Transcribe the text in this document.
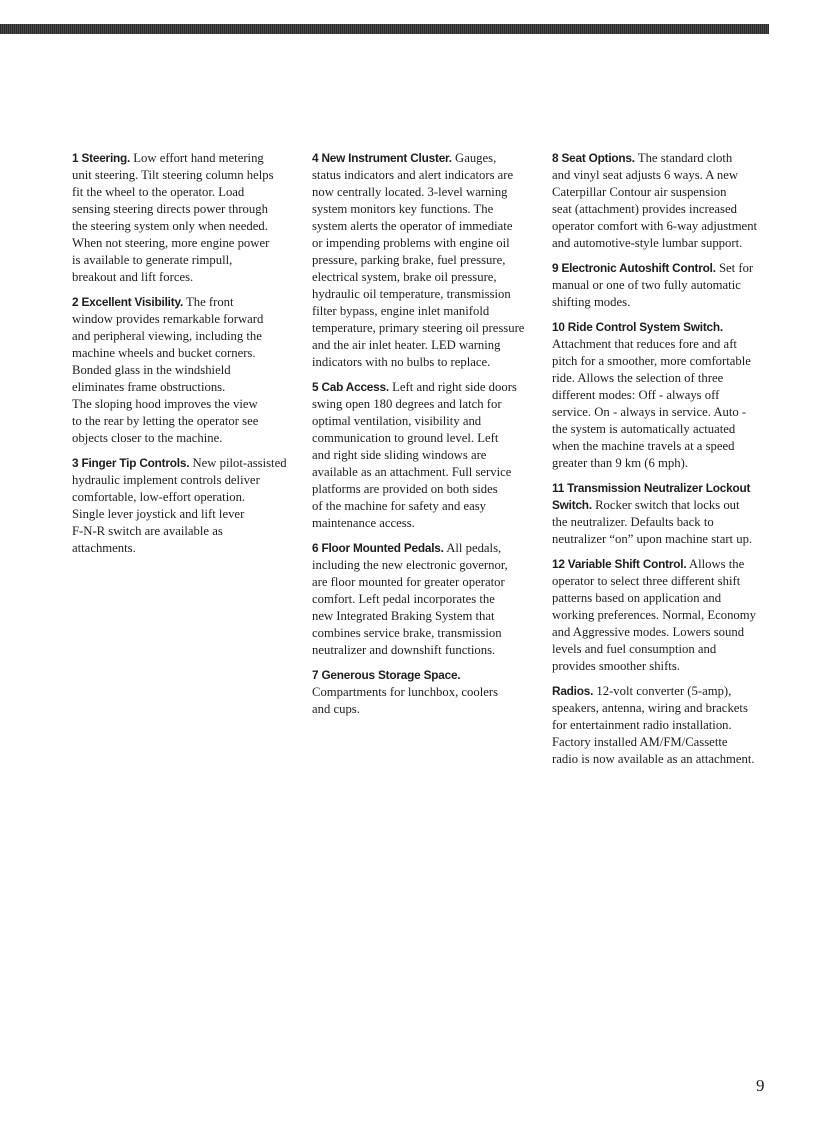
1 Steering. Low effort hand metering
unit steering. Tilt steering column helps
fit the wheel to the operator. Load
sensing steering directs power through
the steering system only when needed.
When not steering, more engine power
is available to generate rimpull,
breakout and lift forces.

2 Excellent Visibility. The front
window provides remarkable forward
and peripheral viewing, including the
machine wheels and bucket corners.
Bonded glass in the windshield
eliminates frame obstructions.
The sloping hood improves the view
to the rear by letting the operator see
objects closer to the machine.

3 Finger Tip Controls. New pilot-assisted
hydraulic implement controls deliver
comfortable, low-effort operation.
Single lever joystick and lift lever
F-N-R switch are available as
attachments.

4 New Instrument Cluster. Gauges,
status indicators and alert indicators are
now centrally located. 3-level warning
system monitors key functions. The
system alerts the operator of immediate
or impending problems with engine oil
pressure, parking brake, fuel pressure,
electrical system, brake oil pressure,
hydraulic oil temperature, transmission
filter bypass, engine inlet manifold
temperature, primary steering oil pressure
and the air inlet heater. LED warning
indicators with no bulbs to replace.

5 Cab Access. Left and right side doors
swing open 180 degrees and latch for
optimal ventilation, visibility and
communication to ground level. Left
and right side sliding windows are
available as an attachment. Full service
platforms are provided on both sides
of the machine for safety and easy
maintenance access.

6 Floor Mounted Pedals. All pedals,
including the new electronic governor,
are floor mounted for greater operator
comfort. Left pedal incorporates the
new Integrated Braking System that
combines service brake, transmission
neutralizer and downshift functions.

7 Generous Storage Space.
Compartments for lunchbox, coolers
and cups.

8 Seat Options. The standard cloth
and vinyl seat adjusts 6 ways. A new
Caterpillar Contour air suspension
seat (attachment) provides increased
operator comfort with 6-way adjustment
and automotive-style lumbar support.

9 Electronic Autoshift Control. Set for
manual or one of two fully automatic
shifting modes.

10 Ride Control System Switch.
Attachment that reduces fore and aft
pitch for a smoother, more comfortable
ride. Allows the selection of three
different modes: Off - always off
service. On - always in service. Auto -
the system is automatically actuated
when the machine travels at a speed
greater than 9 km (6 mph).

11 Transmission Neutralizer Lockout
Switch. Rocker switch that locks out
the neutralizer. Defaults back to
neutralizer “on” upon machine start up.

12 Variable Shift Control. Allows the
operator to select three different shift
patterns based on application and
working preferences. Normal, Economy
and Aggressive modes. Lowers sound
levels and fuel consumption and
provides smoother shifts.

Radios. 12-volt converter (5-amp),
speakers, antenna, wiring and brackets
for entertainment radio installation.
Factory installed AM/FM/Cassette
radio is now available as an attachment.

9
